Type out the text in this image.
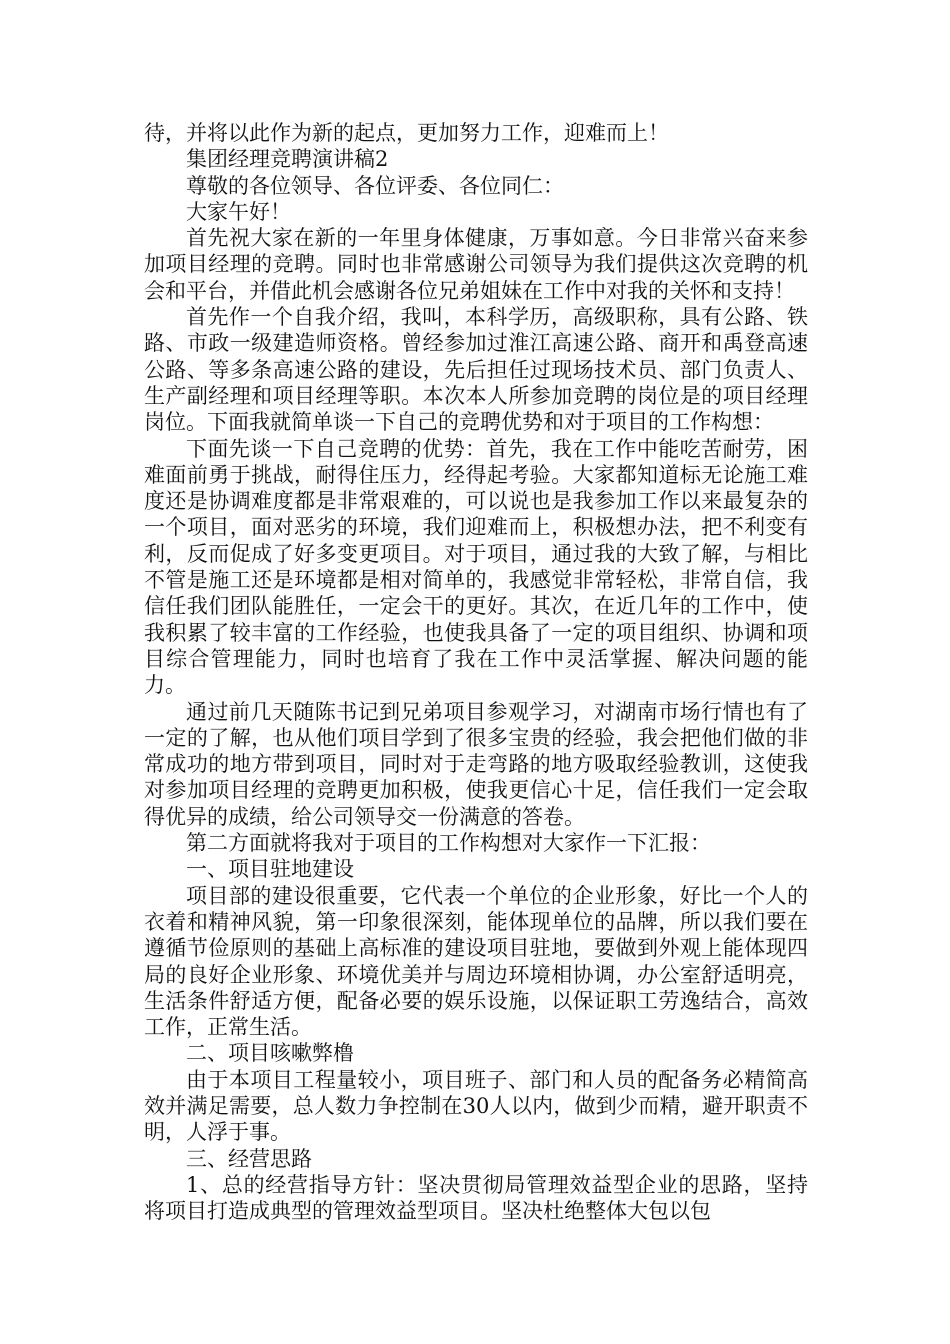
待，并将以此作为新的起点，更加努力工作，迎难而上！

集团经理竞聘演讲稿2

尊敬的各位领导、各位评委、各位同仁：

大家午好！

首先祝大家在新的一年里身体健康，万事如意。今日非常兴奋来参加项目经理的竞聘。同时也非常感谢公司领导为我们提供这次竞聘的机会和平台，并借此机会感谢各位兄弟姐妹在工作中对我的关怀和支持！

首先作一个自我介绍，我叫，本科学历，高级职称，具有公路、铁路、市政一级建造师资格。曾经参加过淮江高速公路、商开和禹登高速公路、等多条高速公路的建设，先后担任过现场技术员、部门负责人、生产副经理和项目经理等职。本次本人所参加竞聘的岗位是的项目经理岗位。下面我就简单谈一下自己的竞聘优势和对于项目的工作构想：

下面先谈一下自己竞聘的优势：首先，我在工作中能吃苦耐劳，困难面前勇于挑战，耐得住压力，经得起考验。大家都知道标无论施工难度还是协调难度都是非常艰难的，可以说也是我参加工作以来最复杂的一个项目，面对恶劣的环境，我们迎难而上，积极想办法，把不利变有利，反而促成了好多变更项目。对于项目，通过我的大致了解，与相比不管是施工还是环境都是相对简单的，我感觉非常轻松，非常自信，我信任我们团队能胜任，一定会干的更好。其次，在近几年的工作中，使我积累了较丰富的工作经验，也使我具备了一定的项目组织、协调和项目综合管理能力，同时也培育了我在工作中灵活掌握、解决问题的能力。

通过前几天随陈书记到兄弟项目参观学习，对湖南市场行情也有了一定的了解，也从他们项目学到了很多宝贵的经验，我会把他们做的非常成功的地方带到项目，同时对于走弯路的地方吸取经验教训，这使我对参加项目经理的竞聘更加积极，使我更信心十足，信任我们一定会取得优异的成绩，给公司领导交一份满意的答卷。

第二方面就将我对于项目的工作构想对大家作一下汇报：

一、项目驻地建设

项目部的建设很重要，它代表一个单位的企业形象，好比一个人的衣着和精神风貌，第一印象很深刻，能体现单位的品牌，所以我们要在遵循节俭原则的基础上高标准的建设项目驻地，要做到外观上能体现四局的良好企业形象、环境优美并与周边环境相协调，办公室舒适明亮，生活条件舒适方便，配备必要的娱乐设施，以保证职工劳逸结合，高效工作，正常生活。

二、项目咳嗽弊橹

由于本项目工程量较小，项目班子、部门和人员的配备务必精简高效并满足需要，总人数力争控制在30人以内，做到少而精，避开职责不明，人浮于事。

三、经营思路

1、总的经营指导方针：坚决贯彻局管理效益型企业的思路，坚持将项目打造成典型的管理效益型项目。坚决杜绝整体大包以包
